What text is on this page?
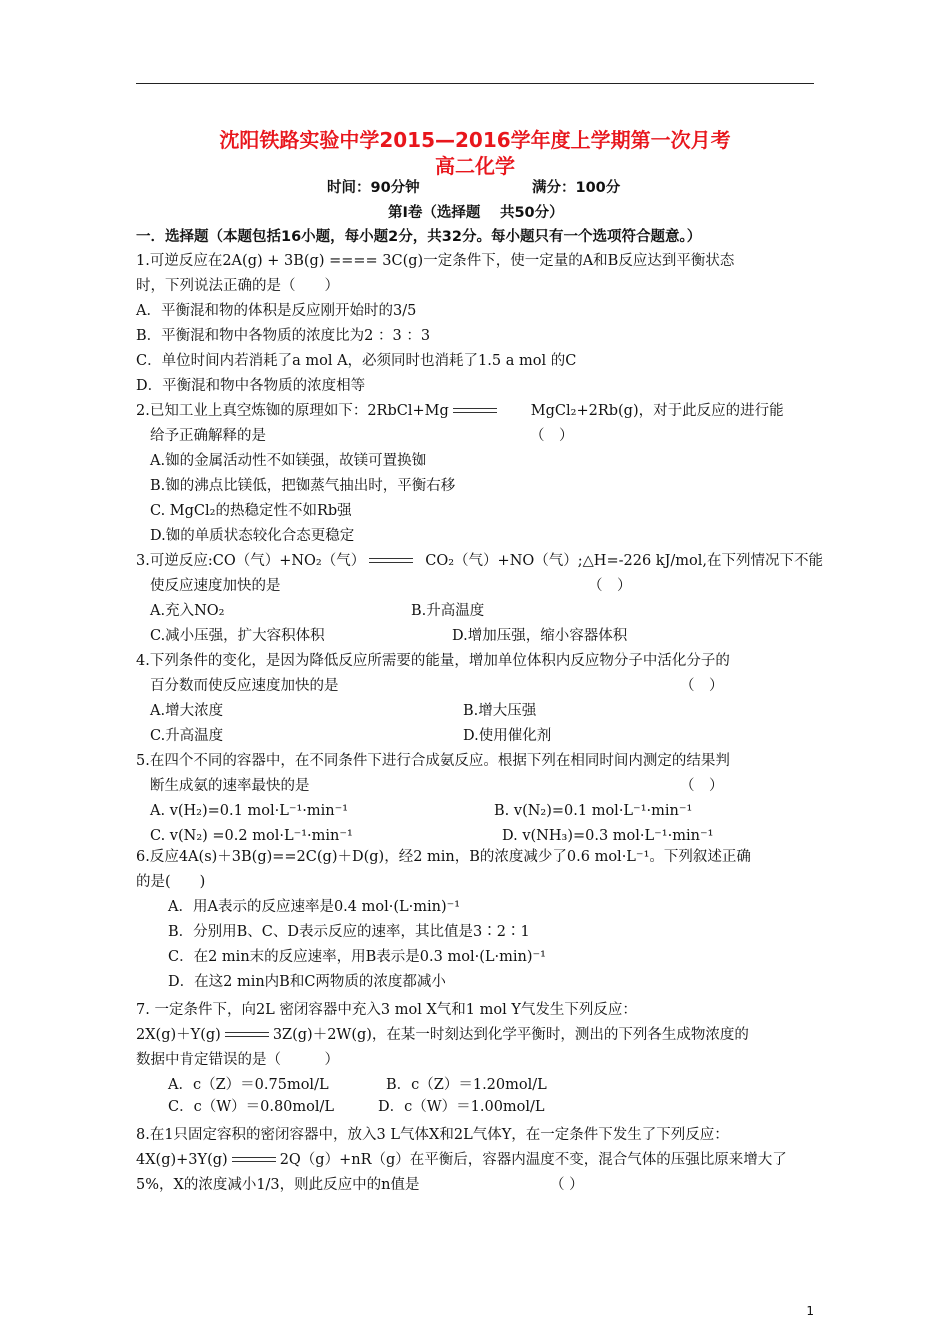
沈阳铁路实验中学2015—2016学年度上学期第一次月考
高二化学
时间：90分钟	满分：100分
第Ⅰ卷（选择题　 共50分）
一．选择题（本题包括16小题，每小题2分，共32分。每小题只有一个选项符合题意。）
1.可逆反应在2A(g) + 3B(g) ==== 3C(g)一定条件下，使一定量的A和B反应达到平衡状态
时，下列说法正确的是（　　）
A．平衡混和物的体积是反应刚开始时的3/5
B．平衡混和物中各物质的浓度比为2 ：3 ：3
C．单位时间内若消耗了a mol A，必须同时也消耗了1.5 a mol 的C
D．平衡混和物中各物质的浓度相等
2.已知工业上真空炼铷的原理如下：2RbCl+Mg	MgCl₂+2Rb(g)，对于此反应的进行能
给予正确解释的是	（　）
A.铷的金属活动性不如镁强，故镁可置换铷
B.铷的沸点比镁低，把铷蒸气抽出时，平衡右移
C. MgCl₂的热稳定性不如Rb强
D.铷的单质状态较化合态更稳定
3.可逆反应:CO（气）+NO₂（气）	CO₂（气）+NO（气）;△H=-226 kJ/mol,在下列情况下不能
使反应速度加快的是	（　）
A.充入NO₂	B.升高温度
C.减小压强，扩大容积体积	D.增加压强，缩小容器体积
4.下列条件的变化，是因为降低反应所需要的能量，增加单位体积内反应物分子中活化分子的
百分数而使反应速度加快的是	（　）
A.增大浓度	B.增大压强
C.升高温度	D.使用催化剂
5.在四个不同的容器中，在不同条件下进行合成氨反应。根据下列在相同时间内测定的结果判
断生成氨的速率最快的是	（　）
A. v(H₂)=0.1 mol·L⁻¹·min⁻¹	B. v(N₂)=0.1 mol·L⁻¹·min⁻¹
C. v(N₂) =0.2 mol·L⁻¹·min⁻¹	D. v(NH₃)=0.3 mol·L⁻¹·min⁻¹
6.反应4A(s)＋3B(g)==2C(g)＋D(g)，经2 min，B的浓度减少了0.6 mol·L⁻¹。下列叙述正确
的是(　　)
A．用A表示的反应速率是0.4 mol·(L·min)⁻¹
B．分别用B、C、D表示反应的速率，其比值是3∶2∶1
C．在2 min末的反应速率，用B表示是0.3 mol·(L·min)⁻¹
D．在这2 min内B和C两物质的浓度都减小
7. 一定条件下，向2L 密闭容器中充入3 mol X气和1 mol Y气发生下列反应：
2X(g)＋Y(g)	3Z(g)＋2W(g)，在某一时刻达到化学平衡时，测出的下列各生成物浓度的
数据中肯定错误的是（　　　）
A．c（Z）＝0.75mol/L	B．c（Z）＝1.20mol/L
C．c（W）＝0.80mol/L	D．c（W）＝1.00mol/L
8.在1只固定容积的密闭容器中，放入3 L气体X和2L气体Y，在一定条件下发生了下列反应：
4X(g)+3Y(g)	2Q（g）+nR（g）在平衡后，容器内温度不变，混合气体的压强比原来增大了
5%，X的浓度减小1/3，则此反应中的n值是	（ ）
1
